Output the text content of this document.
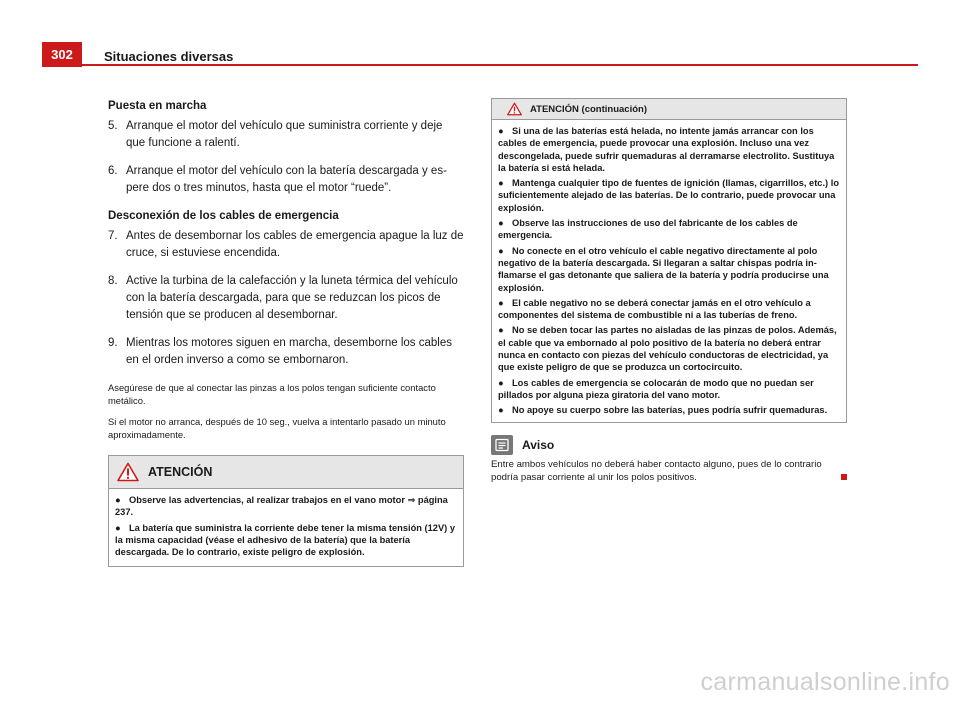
302	Situaciones diversas
Puesta en marcha
5. Arranque el motor del vehículo que suministra corriente y deje que funcione a ralentí.
6. Arranque el motor del vehículo con la batería descargada y espere dos o tres minutos, hasta que el motor “ruede”.
Desconexión de los cables de emergencia
7. Antes de desembornar los cables de emergencia apague la luz de cruce, si estuviese encendida.
8. Active la turbina de la calefacción y la luneta térmica del vehículo con la batería descargada, para que se reduzcan los picos de tensión que se producen al desembornar.
9. Mientras los motores siguen en marcha, desemborne los cables en el orden inverso a como se embornaron.

Asegúrese de que al conectar las pinzas a los polos tengan suficiente contacto metálico.

Si el motor no arranca, después de 10 seg., vuelva a intentarlo pasado un minuto aproximadamente.

ATENCIÓN

● Observe las advertencias, al realizar trabajos en el vano motor ⇒ página 237.

● La batería que suministra la corriente debe tener la misma tensión (12V) y la misma capacidad (véase el adhesivo de la batería) que la batería descargada. De lo contrario, existe peligro de explosión.

ATENCIÓN (continuación)

● Si una de las baterías está helada, no intente jamás arrancar con los cables de emergencia, puede provocar una explosión. Incluso una vez descongelada, puede sufrir quemaduras al derramarse electrolito. Sustituya la batería si está helada.

● Mantenga cualquier tipo de fuentes de ignición (llamas, cigarrillos, etc.) lo suficientemente alejado de las baterías. De lo contrario, puede provocar una explosión.

● Observe las instrucciones de uso del fabricante de los cables de emergencia.

● No conecte en el otro vehículo el cable negativo directamente al polo negativo de la batería descargada. Si llegaran a saltar chispas podría inflamarse el gas detonante que saliera de la batería y podría producirse una explosión.

● El cable negativo no se deberá conectar jamás en el otro vehículo a componentes del sistema de combustible ni a las tuberías de freno.

● No se deben tocar las partes no aisladas de las pinzas de polos. Además, el cable que va embornado al polo positivo de la batería no deberá entrar nunca en contacto con piezas del vehículo conductoras de electricidad, ya que existe peligro de que se produzca un cortocircuito.

● Los cables de emergencia se colocarán de modo que no puedan ser pillados por alguna pieza giratoria del vano motor.

● No apoye su cuerpo sobre las baterías, pues podría sufrir quemaduras.

Aviso

Entre ambos vehículos no deberá haber contacto alguno, pues de lo contrario podría pasar corriente al unir los polos positivos.

carmanualsonline.info
